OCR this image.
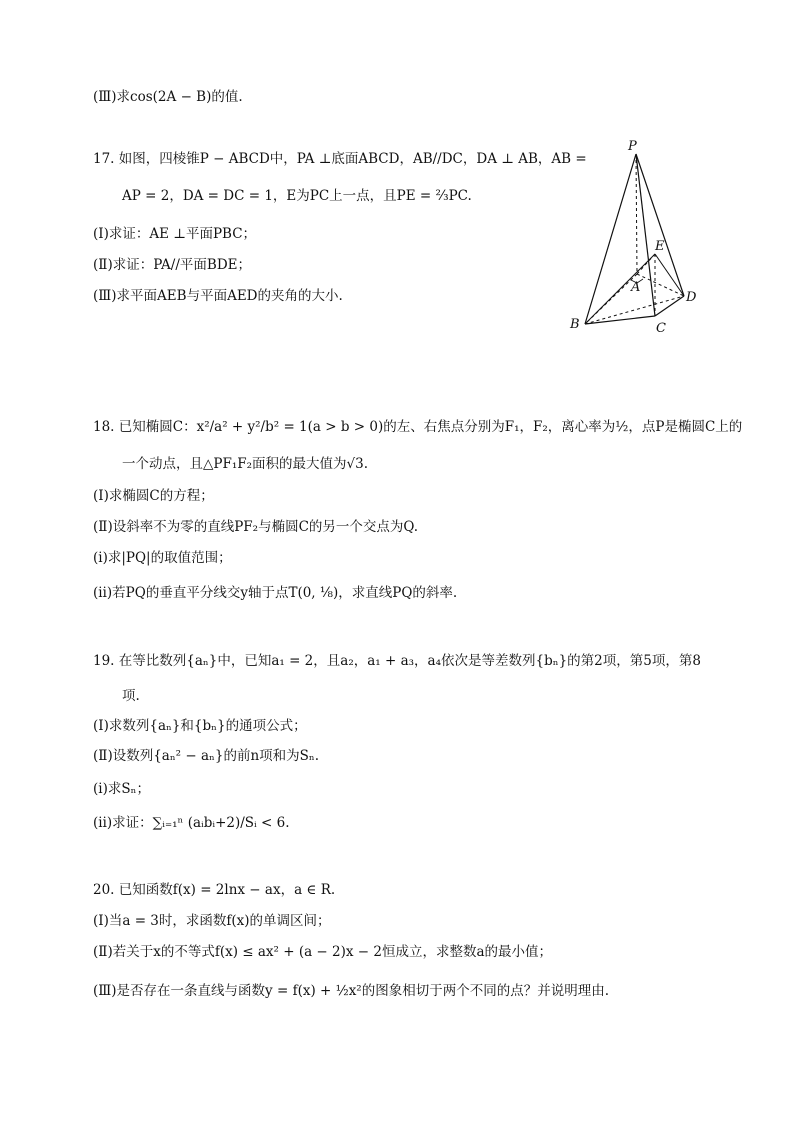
(Ⅲ)求cos(2A − B)的值.
17. 如图，四棱锥P − ABCD中，PA ⊥底面ABCD，AB//DC，DA ⊥ AB，AB =
AP = 2，DA = DC = 1，E为PC上一点，且PE = ⅔PC.
(Ⅰ)求证：AE ⊥平面PBC；
(Ⅱ)求证：PA//平面BDE；
(Ⅲ)求平面AEB与平面AED的夹角的大小.
P
E
A
D
B	C
18. 已知椭圆C：x²/a² + y²/b² = 1(a > b > 0)的左、右焦点分别为F₁，F₂，离心率为½，点P是椭圆C上的
一个动点，且△PF₁F₂面积的最大值为√3.
(Ⅰ)求椭圆C的方程；
(Ⅱ)设斜率不为零的直线PF₂与椭圆C的另一个交点为Q.
(ⅰ)求|PQ|的取值范围；
(ⅱ)若PQ的垂直平分线交y轴于点T(0, ⅛)，求直线PQ的斜率.
19. 在等比数列{aₙ}中，已知a₁ = 2，且a₂，a₁ + a₃，a₄依次是等差数列{bₙ}的第2项，第5项，第8
项.
(Ⅰ)求数列{aₙ}和{bₙ}的通项公式；
(Ⅱ)设数列{aₙ² − aₙ}的前n项和为Sₙ.
(ⅰ)求Sₙ；
(ⅱ)求证：∑ᵢ₌₁ⁿ (aᵢbᵢ+2)/Sᵢ < 6.
20. 已知函数f(x) = 2lnx − ax，a ∈ R.
(Ⅰ)当a = 3时，求函数f(x)的单调区间；
(Ⅱ)若关于x的不等式f(x) ≤ ax² + (a − 2)x − 2恒成立，求整数a的最小值；
(Ⅲ)是否存在一条直线与函数y = f(x) + ½x²的图象相切于两个不同的点？并说明理由.
